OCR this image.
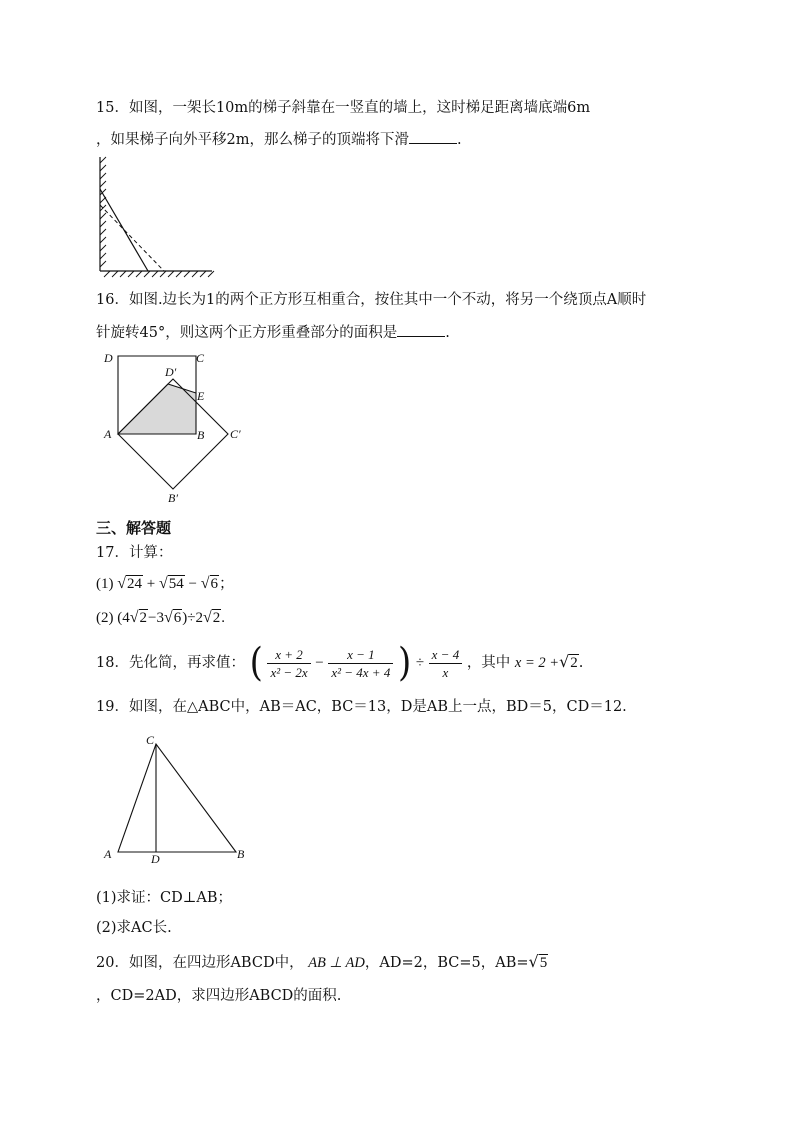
15．如图，一架长10m的梯子斜靠在一竖直的墙上，这时梯足距离墙底端6m
，如果梯子向外平移2m，那么梯子的顶端将下滑	.
16．如图.边长为1的两个正方形互相重合，按住其中一个不动，将另一个绕顶点A顺时
针旋转45°，则这两个正方形重叠部分的面积是	.
D	C
D′
E
A	B C′
B′
三、解答题
17．计算：
(1) √24 + √54 − √6；
(2) (4√2−3√6)÷2√2.
18．先化简，再求值： ( $\frac{x + 2}{\text{x² − 2x}} - \frac{x - 1}{\text{x² − 4x + 4}}$ ) ÷ $\frac{x - 4}{x}$ ，其中 x = 2 +√2.
19．如图，在△ABC中，AB＝AC，BC＝13，D是AB上一点，BD＝5，CD＝12.
C
A	D	B
(1)求证：CD⊥AB；
(2)求AC长.
20．如图，在四边形ABCD中， AB ⊥ AD，AD=2，BC=5，AB=√5
，CD=2AD，求四边形ABCD的面积.
